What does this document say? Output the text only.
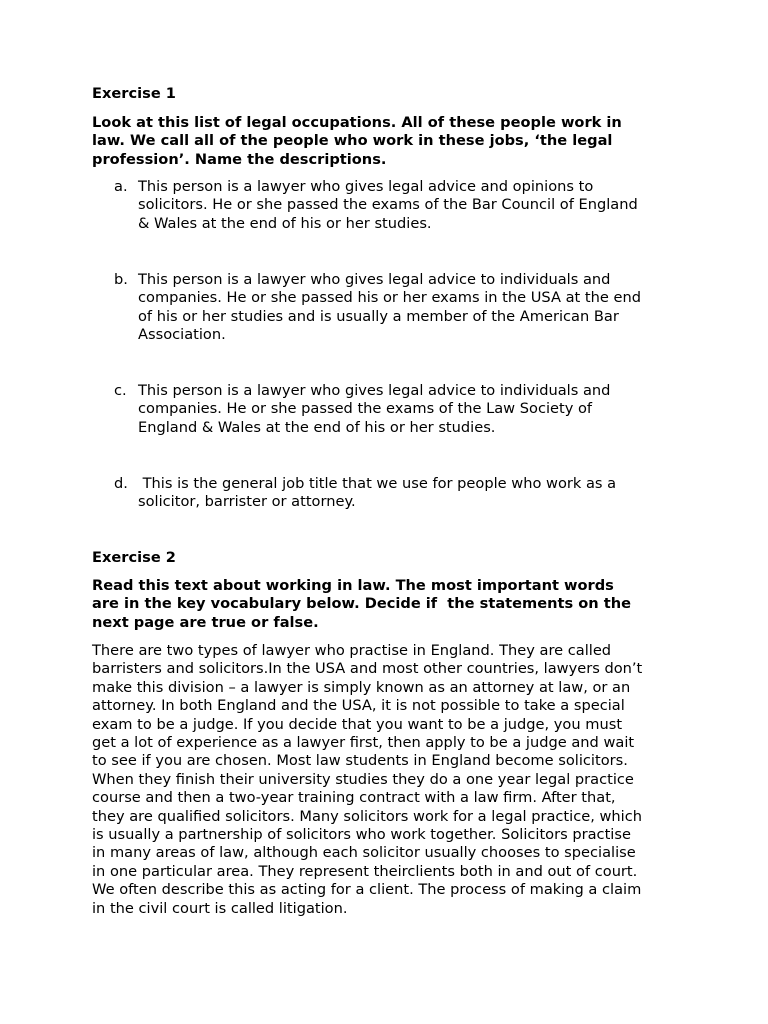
Exercise 1
Look at this list of legal occupations. All of these people work in
law. We call all of the people who work in these jobs, ‘the legal
profession’. Name the descriptions.
a. This person is a lawyer who gives legal advice and opinions to
solicitors. He or she passed the exams of the Bar Council of England
& Wales at the end of his or her studies.
b. This person is a lawyer who gives legal advice to individuals and
companies. He or she passed his or her exams in the USA at the end
of his or her studies and is usually a member of the American Bar
Association.
c. This person is a lawyer who gives legal advice to individuals and
companies. He or she passed the exams of the Law Society of
England & Wales at the end of his or her studies.
d. This is the general job title that we use for people who work as a
solicitor, barrister or attorney.
Exercise 2
Read this text about working in law. The most important words
are in the key vocabulary below. Decide if  the statements on the
next page are true or false.
There are two types of lawyer who practise in England. They are called
barristers and solicitors.In the USA and most other countries, lawyers don’t
make this division – a lawyer is simply known as an attorney at law, or an
attorney. In both England and the USA, it is not possible to take a special
exam to be a judge. If you decide that you want to be a judge, you must
get a lot of experience as a lawyer first, then apply to be a judge and wait
to see if you are chosen. Most law students in England become solicitors.
When they finish their university studies they do a one year legal practice
course and then a two-year training contract with a law firm. After that,
they are qualified solicitors. Many solicitors work for a legal practice, which
is usually a partnership of solicitors who work together. Solicitors practise
in many areas of law, although each solicitor usually chooses to specialise
in one particular area. They represent theirclients both in and out of court.
We often describe this as acting for a client. The process of making a claim
in the civil court is called litigation.
